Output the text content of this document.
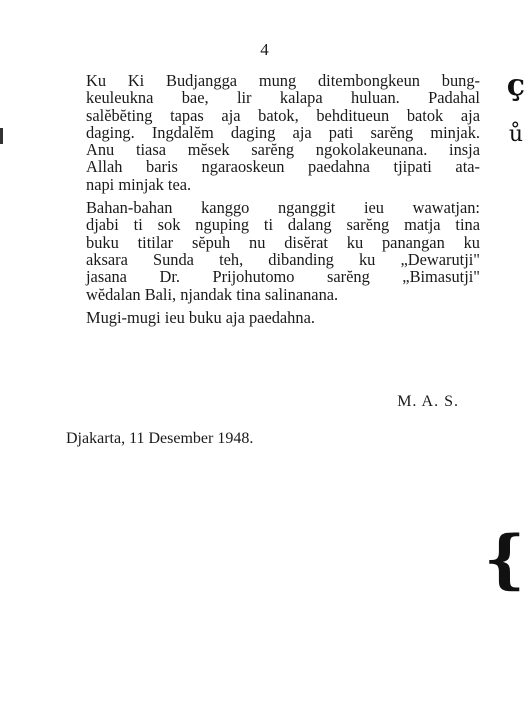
4

Ku Ki Budjangga mung ditembongkeun bung-
keuleukna bae, lir kalapa huluan. Padahal
salĕbĕting tapas aja batok, behditueun batok aja
daging. Ingdalĕm daging aja pati sarĕng minjak.
Anu tiasa mĕsek sarĕng ngokolakeunana. insja
Allah baris ngaraoskeun paedahna tjipati ata-
napi minjak tea.

Bahan-bahan kanggo nganggit ieu wawatjan:
djabi ti sok nguping ti dalang sarĕng matja tina
buku titilar sĕpuh nu disĕrat ku panangan ku
aksara Sunda teh, dibanding ku „Dewarutji"
jasana Dr. Prijohutomo sarĕng „Bimasutji"
wĕdalan Bali, njandak tina salinanana.

Mugi-mugi ieu buku aja paedahna.

M. A. S.
Djakarta, 11 Desember 1948.
ç
ů
{
